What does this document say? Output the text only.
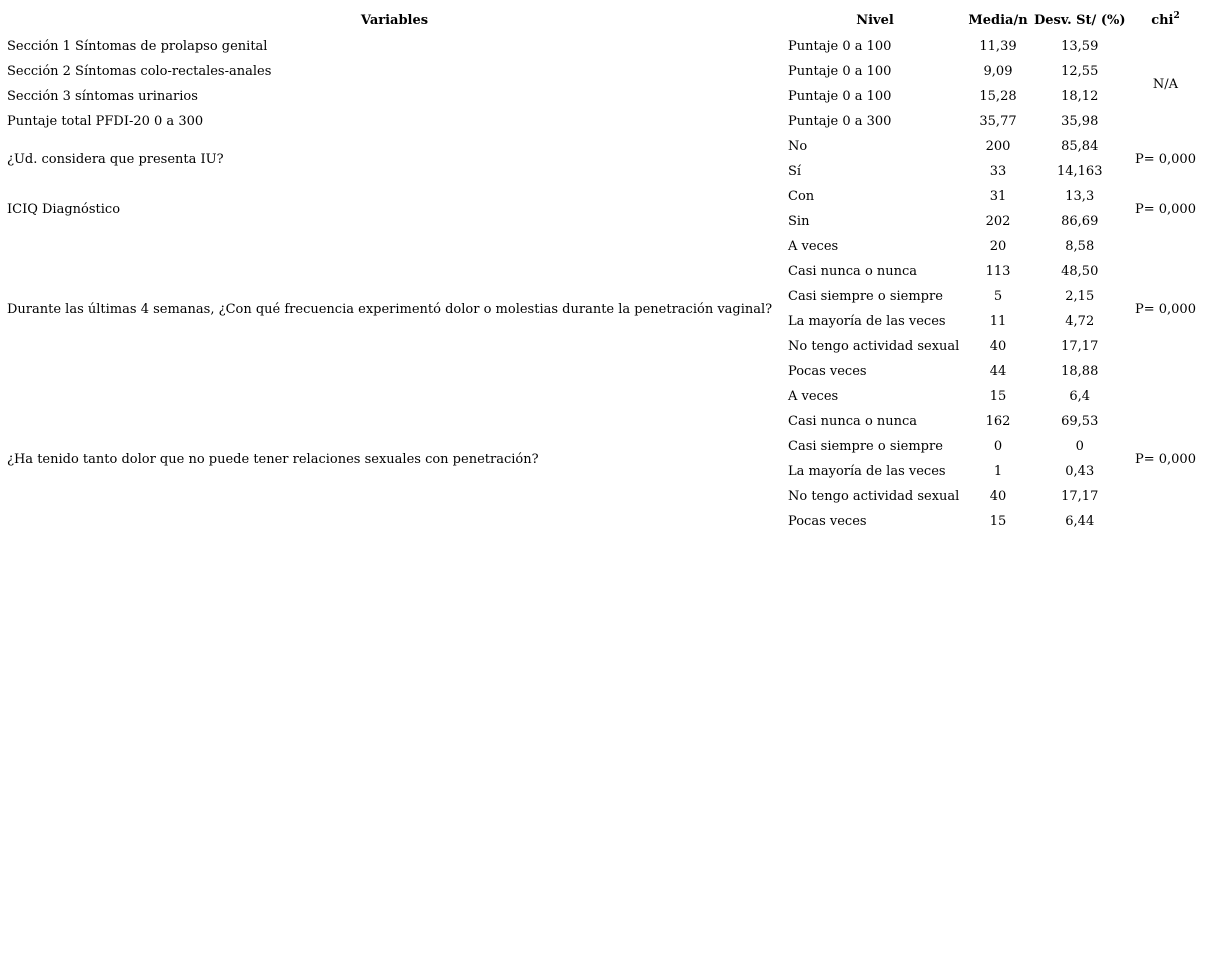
Variables	Nivel	Media/n	Desv. St/ (%)	chi$^2$
Sección 1 Síntomas de prolapso genital	Puntaje 0 a 100	11,39	13,59	N/A
Sección 2 Síntomas colo-rectales-anales	Puntaje 0 a 100	9,09	12,55	
Sección 3 síntomas urinarios	Puntaje 0 a 100	15,28	18,12	
Puntaje total PFDI-20 0 a 300	Puntaje 0 a 300	35,77	35,98	
¿Ud. considera que presenta IU?	No	200	85,84	P= 0,000
	Sí	33	14,163	
ICIQ Diagnóstico	Con	31	13,3	P= 0,000
	Sin	202	86,69	
Durante las últimas 4 semanas, ¿Con qué frecuencia experimentó dolor o molestias durante la penetración vaginal?	A veces	20	8,58	P= 0,000
	Casi nunca o nunca	113	48,50	
	Casi siempre o siempre	5	2,15	
	La mayoría de las veces	11	4,72	
	No tengo actividad sexual	40	17,17	
	Pocas veces	44	18,88	
¿Ha tenido tanto dolor que no puede tener relaciones sexuales con penetración?	A veces	15	6,4	P= 0,000
	Casi nunca o nunca	162	69,53	
	Casi siempre o siempre	0	0	
	La mayoría de las veces	1	0,43	
	No tengo actividad sexual	40	17,17	
	Pocas veces	15	6,44	
